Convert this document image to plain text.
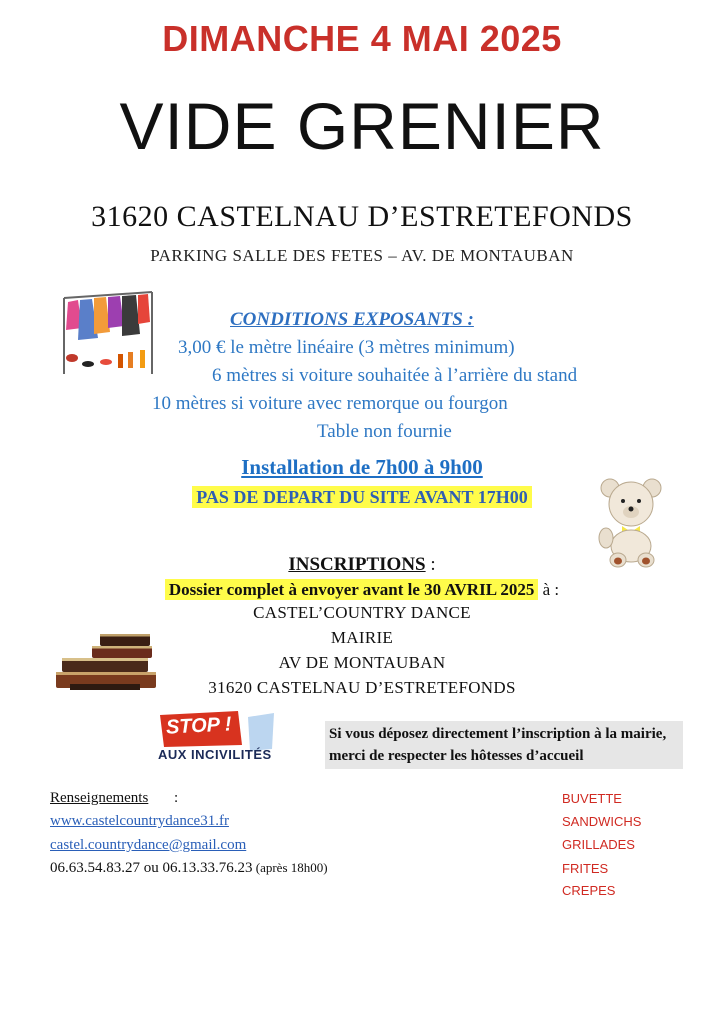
DIMANCHE 4 MAI 2025
VIDE GRENIER
31620 CASTELNAU D’ESTRETEFONDS
PARKING SALLE DES FETES – AV. DE MONTAUBAN
CONDITIONS EXPOSANTS :
3,00 € le mètre linéaire (3 mètres minimum)
6 mètres si voiture souhaitée à l’arrière du stand
10 mètres si voiture avec remorque ou fourgon
Table non fournie
Installation de 7h00 à 9h00
PAS DE DEPART DU SITE AVANT 17H00
INSCRIPTIONS :
Dossier complet à envoyer avant le 30 AVRIL 2025 à :
CASTEL’COUNTRY DANCE
MAIRIE
AV DE MONTAUBAN
31620 CASTELNAU D’ESTRETEFONDS
STOP !
AUX INCIVILITÉS
Si vous déposez directement l’inscription à la mairie, merci de respecter les hôtesses d’accueil
Renseignements :
www.castelcountrydance31.fr
castel.countrydance@gmail.com
06.63.54.83.27 ou 06.13.33.76.23 (après 18h00)
BUVETTE
SANDWICHS
GRILLADES
FRITES
CREPES
